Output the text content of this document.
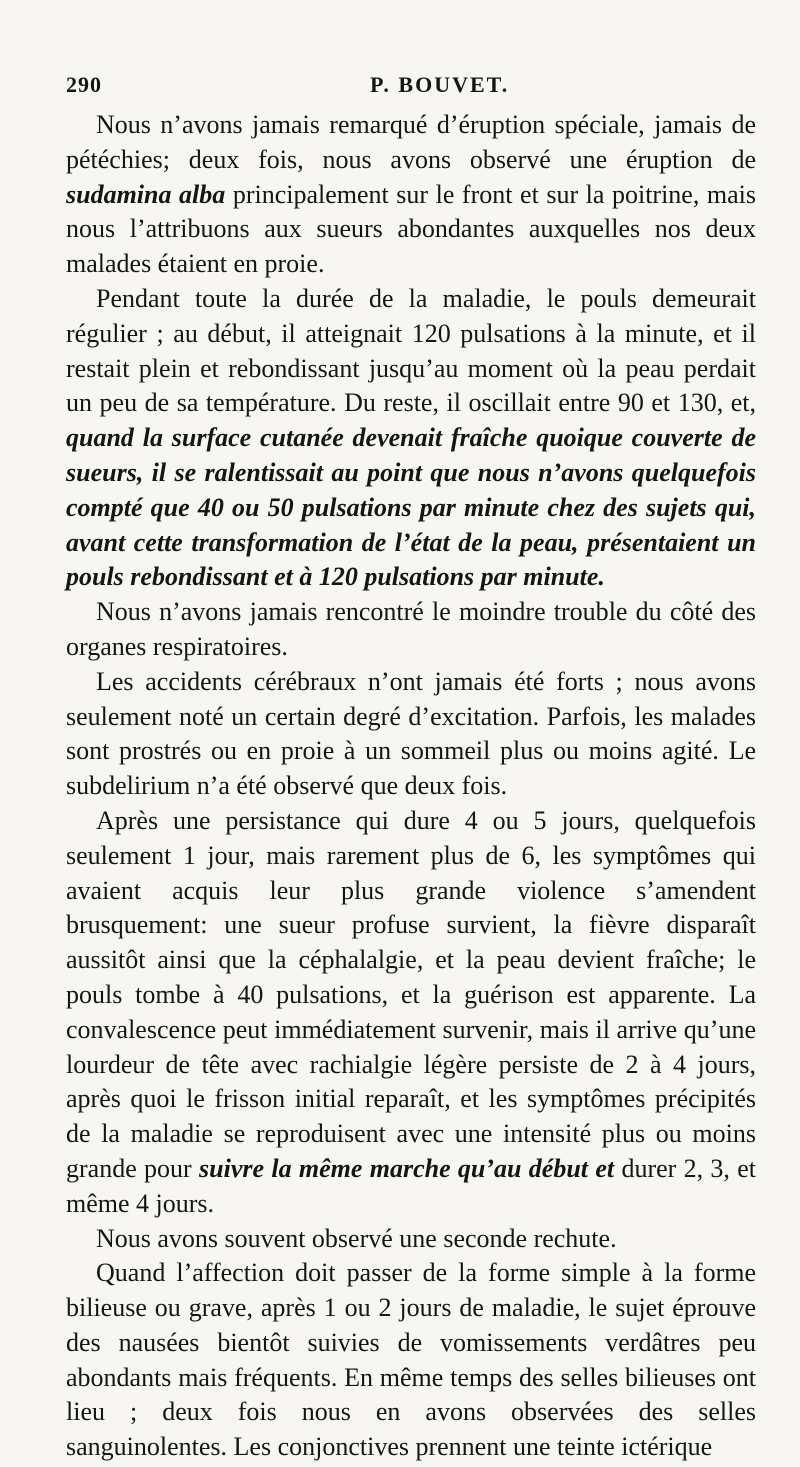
290	P. BOUVET.

Nous n’avons jamais remarqué d’éruption spéciale, jamais de pétéchies; deux fois, nous avons observé une éruption de sudamina alba principalement sur le front et sur la poitrine, mais nous l’attribuons aux sueurs abondantes auxquelles nos deux malades étaient en proie.

Pendant toute la durée de la maladie, le pouls demeurait régulier ; au début, il atteignait 120 pulsations à la minute, et il restait plein et rebondissant jusqu’au moment où la peau perdait un peu de sa température. Du reste, il oscillait entre 90 et 130, et, quand la surface cutanée devenait fraîche quoique couverte de sueurs, il se ralentissait au point que nous n’avons quelquefois compté que 40 ou 50 pulsations par minute chez des sujets qui, avant cette transformation de l’état de la peau, présentaient un pouls rebondissant et à 120 pulsations par minute.

Nous n’avons jamais rencontré le moindre trouble du côté des organes respiratoires.

Les accidents cérébraux n’ont jamais été forts ; nous avons seulement noté un certain degré d’excitation. Parfois, les malades sont prostrés ou en proie à un sommeil plus ou moins agité. Le subdelirium n’a été observé que deux fois.

Après une persistance qui dure 4 ou 5 jours, quelquefois seulement 1 jour, mais rarement plus de 6, les symptômes qui avaient acquis leur plus grande violence s’amendent brusquement: une sueur profuse survient, la fièvre disparaît aussitôt ainsi que la céphalalgie, et la peau devient fraîche; le pouls tombe à 40 pulsations, et la guérison est apparente. La convalescence peut immédiatement survenir, mais il arrive qu’une lourdeur de tête avec rachialgie légère persiste de 2 à 4 jours, après quoi le frisson initial reparaît, et les symptômes précipités de la maladie se reproduisent avec une intensité plus ou moins grande pour suivre la même marche qu’au début et durer 2, 3, et même 4 jours.

Nous avons souvent observé une seconde rechute.

Quand l’affection doit passer de la forme simple à la forme bilieuse ou grave, après 1 ou 2 jours de maladie, le sujet éprouve des nausées bientôt suivies de vomissements verdâtres peu abondants mais fréquents. En même temps des selles bilieuses ont lieu ; deux fois nous en avons observées des selles sanguinolentes. Les conjonctives prennent une teinte ictérique
